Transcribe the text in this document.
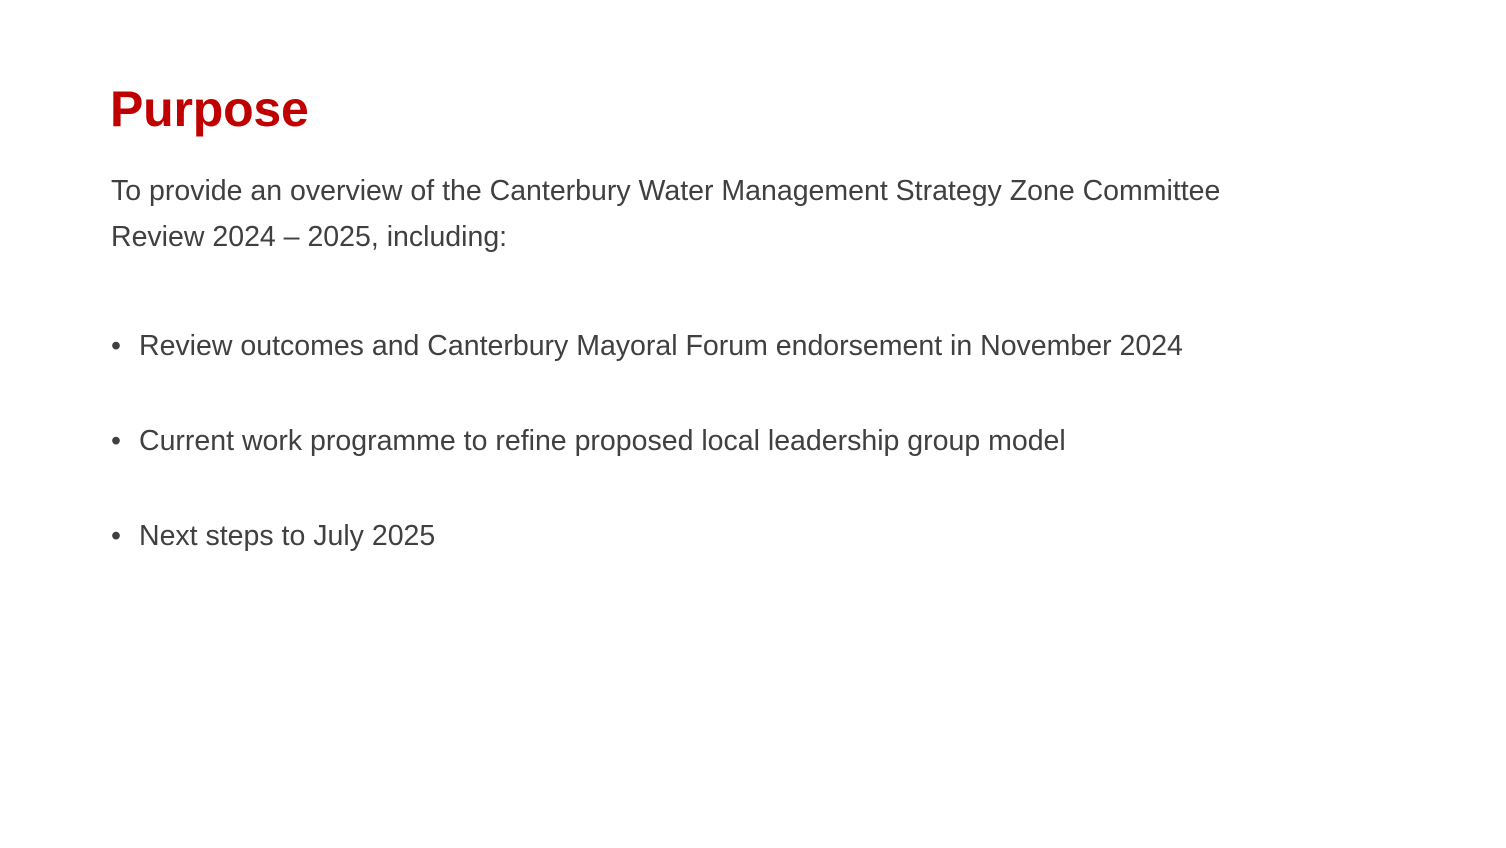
Purpose

To provide an overview of the Canterbury Water Management Strategy Zone Committee Review 2024 – 2025, including:

• Review outcomes and Canterbury Mayoral Forum endorsement in November 2024
• Current work programme to refine proposed local leadership group model
• Next steps to July 2025
